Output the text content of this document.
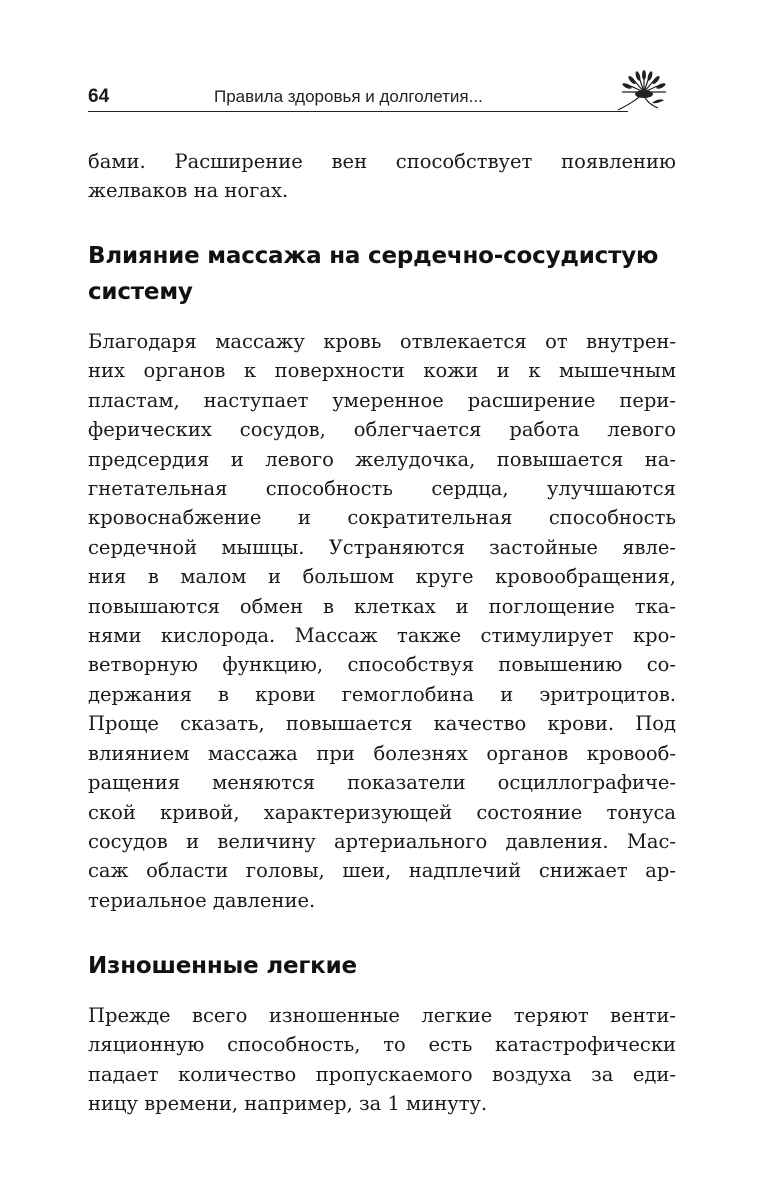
64	Правила здоровья и долголетия...

бами. Расширение вен способствует появлению
желваков на ногах.

Влияние массажа на сердечно-сосудистую
систему

Благодаря массажу кровь отвлекается от внутрен-
них органов к поверхности кожи и к мышечным
пластам, наступает умеренное расширение пери-
ферических сосудов, облегчается работа левого
предсердия и левого желудочка, повышается на-
гнетательная способность сердца, улучшаются
кровоснабжение и сократительная способность
сердечной мышцы. Устраняются застойные явле-
ния в малом и большом круге кровообращения,
повышаются обмен в клетках и поглощение тка-
нями кислорода. Массаж также стимулирует кро-
ветворную функцию, способствуя повышению со-
держания в крови гемоглобина и эритроцитов.
Проще сказать, повышается качество крови. Под
влиянием массажа при болезнях органов кровооб-
ращения меняются показатели осциллографиче-
ской кривой, характеризующей состояние тонуса
сосудов и величину артериального давления. Мас-
саж области головы, шеи, надплечий снижает ар-
териальное давление.

Изношенные легкие

Прежде всего изношенные легкие теряют венти-
ляционную способность, то есть катастрофически
падает количество пропускаемого воздуха за еди-
ницу времени, например, за 1 минуту.
